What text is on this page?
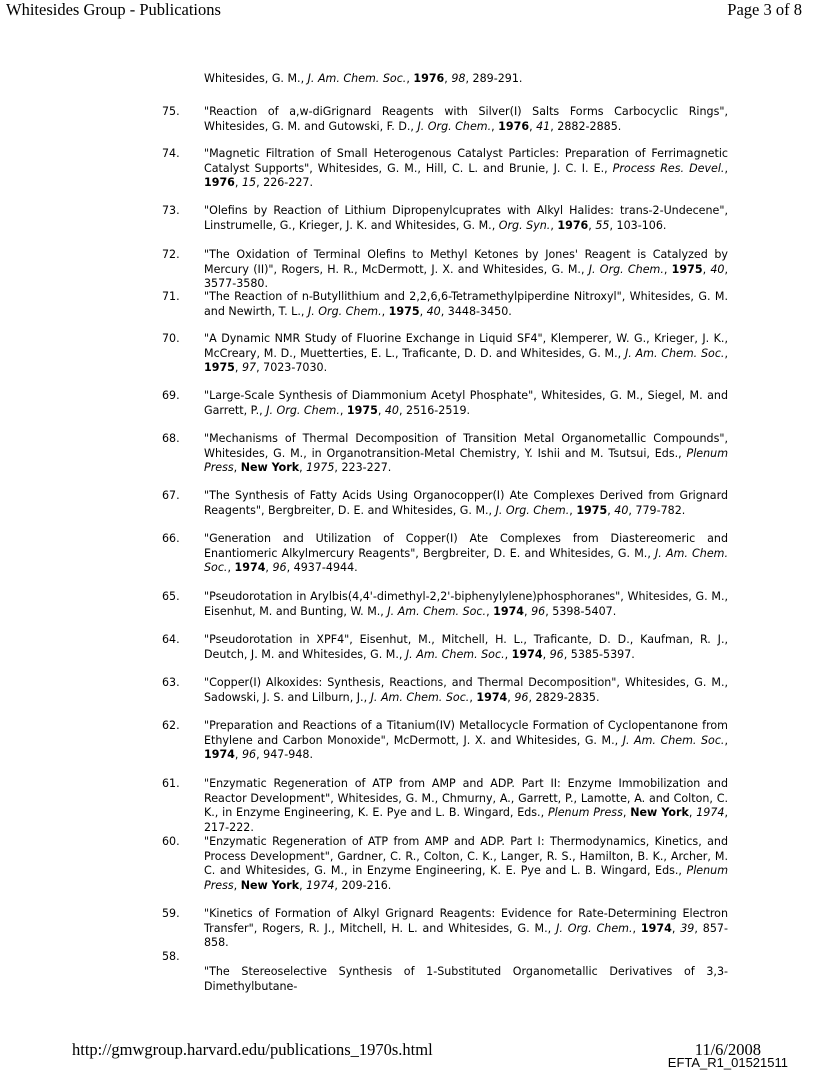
Whitesides Group - Publications	Page 3 of 8
Whitesides, G. M., J. Am. Chem. Soc., 1976, 98, 289-291.
75. "Reaction of a,w-diGrignard Reagents with Silver(I) Salts Forms Carbocyclic Rings", Whitesides, G. M. and Gutowski, F. D., J. Org. Chem., 1976, 41, 2882-2885.
74. "Magnetic Filtration of Small Heterogenous Catalyst Particles: Preparation of Ferrimagnetic Catalyst Supports", Whitesides, G. M., Hill, C. L. and Brunie, J. C. I. E., Process Res. Devel., 1976, 15, 226-227.
73. "Olefins by Reaction of Lithium Dipropenylcuprates with Alkyl Halides: trans-2-Undecene", Linstrumelle, G., Krieger, J. K. and Whitesides, G. M., Org. Syn., 1976, 55, 103-106.
72. "The Oxidation of Terminal Olefins to Methyl Ketones by Jones' Reagent is Catalyzed by Mercury (II)", Rogers, H. R., McDermott, J. X. and Whitesides, G. M., J. Org. Chem., 1975, 40, 3577-3580.
71. "The Reaction of n-Butyllithium and 2,2,6,6-Tetramethylpiperdine Nitroxyl", Whitesides, G. M. and Newirth, T. L., J. Org. Chem., 1975, 40, 3448-3450.
70. "A Dynamic NMR Study of Fluorine Exchange in Liquid SF4", Klemperer, W. G., Krieger, J. K., McCreary, M. D., Muetterties, E. L., Traficante, D. D. and Whitesides, G. M., J. Am. Chem. Soc., 1975, 97, 7023-7030.
69. "Large-Scale Synthesis of Diammonium Acetyl Phosphate", Whitesides, G. M., Siegel, M. and Garrett, P., J. Org. Chem., 1975, 40, 2516-2519.
68. "Mechanisms of Thermal Decomposition of Transition Metal Organometallic Compounds", Whitesides, G. M., in Organotransition-Metal Chemistry, Y. Ishii and M. Tsutsui, Eds., Plenum Press, New York, 1975, 223-227.
67. "The Synthesis of Fatty Acids Using Organocopper(I) Ate Complexes Derived from Grignard Reagents", Bergbreiter, D. E. and Whitesides, G. M., J. Org. Chem., 1975, 40, 779-782.
66. "Generation and Utilization of Copper(I) Ate Complexes from Diastereomeric and Enantiomeric Alkylmercury Reagents", Bergbreiter, D. E. and Whitesides, G. M., J. Am. Chem. Soc., 1974, 96, 4937-4944.
65. "Pseudorotation in Arylbis(4,4'-dimethyl-2,2'-biphenylylene)phosphoranes", Whitesides, G. M., Eisenhut, M. and Bunting, W. M., J. Am. Chem. Soc., 1974, 96, 5398-5407.
64. "Pseudorotation in XPF4", Eisenhut, M., Mitchell, H. L., Traficante, D. D., Kaufman, R. J., Deutch, J. M. and Whitesides, G. M., J. Am. Chem. Soc., 1974, 96, 5385-5397.
63. "Copper(I) Alkoxides: Synthesis, Reactions, and Thermal Decomposition", Whitesides, G. M., Sadowski, J. S. and Lilburn, J., J. Am. Chem. Soc., 1974, 96, 2829-2835.
62. "Preparation and Reactions of a Titanium(IV) Metallocycle Formation of Cyclopentanone from Ethylene and Carbon Monoxide", McDermott, J. X. and Whitesides, G. M., J. Am. Chem. Soc., 1974, 96, 947-948.
61. "Enzymatic Regeneration of ATP from AMP and ADP. Part II: Enzyme Immobilization and Reactor Development", Whitesides, G. M., Chmurny, A., Garrett, P., Lamotte, A. and Colton, C. K., in Enzyme Engineering, K. E. Pye and L. B. Wingard, Eds., Plenum Press, New York, 1974, 217-222.
60. "Enzymatic Regeneration of ATP from AMP and ADP. Part I: Thermodynamics, Kinetics, and Process Development", Gardner, C. R., Colton, C. K., Langer, R. S., Hamilton, B. K., Archer, M. C. and Whitesides, G. M., in Enzyme Engineering, K. E. Pye and L. B. Wingard, Eds., Plenum Press, New York, 1974, 209-216.
59. "Kinetics of Formation of Alkyl Grignard Reagents: Evidence for Rate-Determining Electron Transfer", Rogers, R. J., Mitchell, H. L. and Whitesides, G. M., J. Org. Chem., 1974, 39, 857-858.
58.
"The Stereoselective Synthesis of 1-Substituted Organometallic Derivatives of 3,3-Dimethylbutane-
http://gmwgroup.harvard.edu/publications_1970s.html	11/6/2008
EFTA_R1_01521511
